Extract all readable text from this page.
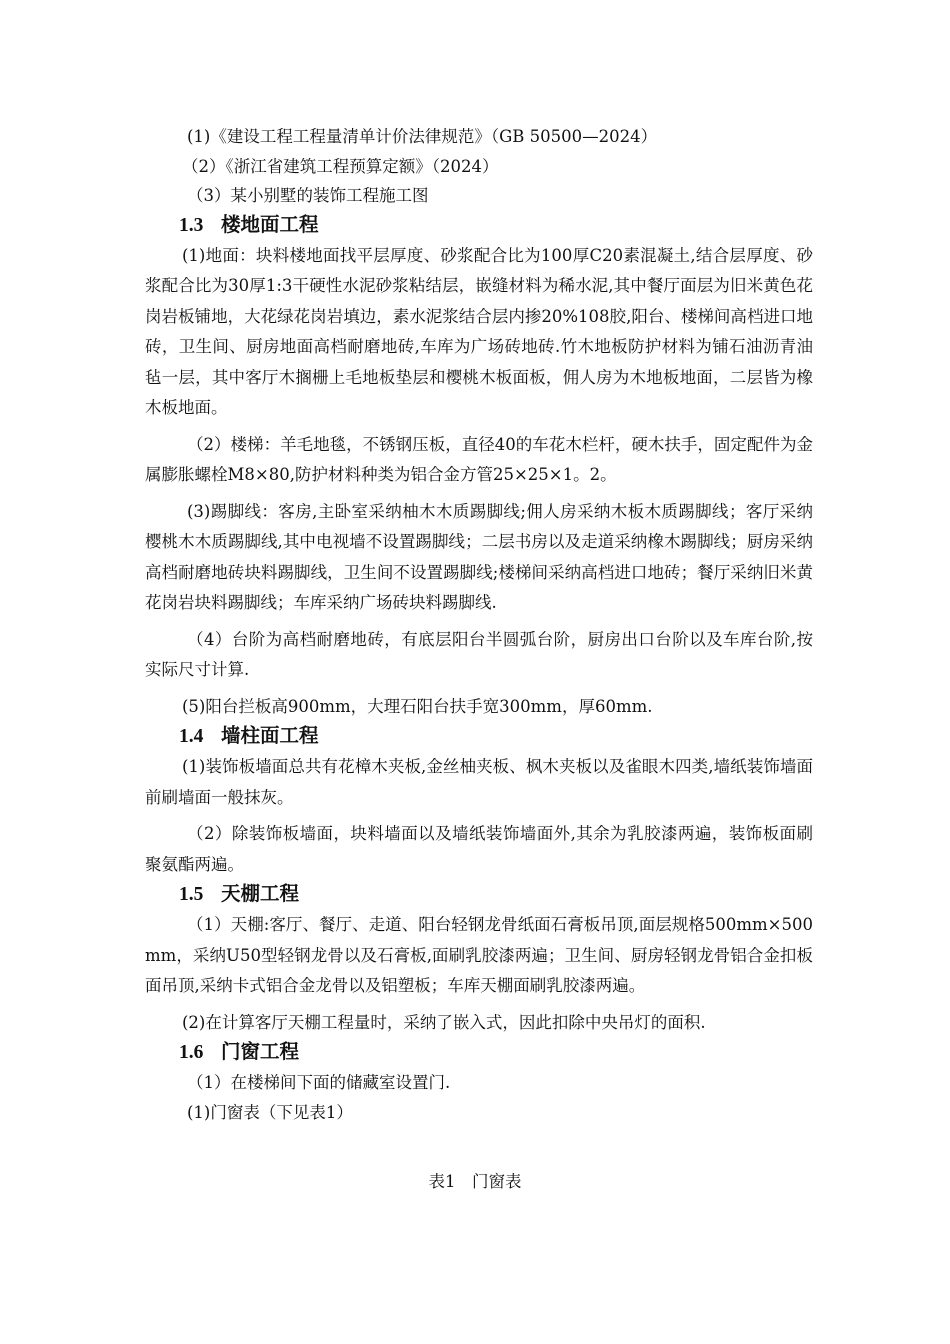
(1)《建设工程工程量清单计价法律规范》（GB 50500—2024）
（2）《浙江省建筑工程预算定额》（2024）
（3）某小别墅的装饰工程施工图
1.3 楼地面工程

(1)地面：块料楼地面找平层厚度、砂浆配合比为100厚C20素混凝土,结合层厚度、砂浆配合比为30厚1:3干硬性水泥砂浆粘结层，嵌缝材料为稀水泥,其中餐厅面层为旧米黄色花岗岩板铺地，大花绿花岗岩填边，素水泥浆结合层内掺20%108胶,阳台、楼梯间高档进口地砖，卫生间、厨房地面高档耐磨地砖,车库为广场砖地砖.竹木地板防护材料为铺石油沥青油毡一层，其中客厅木搁栅上毛地板垫层和樱桃木板面板，佣人房为木地板地面，二层皆为橡木板地面。

（2）楼梯：羊毛地毯，不锈钢压板，直径40的车花木栏杆，硬木扶手，固定配件为金属膨胀螺栓M8×80,防护材料种类为铝合金方管25×25×1。2。

(3)踢脚线：客房,主卧室采纳柚木木质踢脚线;佣人房采纳木板木质踢脚线；客厅采纳樱桃木木质踢脚线,其中电视墙不设置踢脚线；二层书房以及走道采纳橡木踢脚线；厨房采纳高档耐磨地砖块料踢脚线，卫生间不设置踢脚线;楼梯间采纳高档进口地砖；餐厅采纳旧米黄花岗岩块料踢脚线；车库采纳广场砖块料踢脚线.

（4）台阶为高档耐磨地砖，有底层阳台半圆弧台阶，厨房出口台阶以及车库台阶,按实际尺寸计算.

(5)阳台拦板高900mm，大理石阳台扶手宽300mm，厚60mm.

1.4 墙柱面工程

(1)装饰板墙面总共有花樟木夹板,金丝柚夹板、枫木夹板以及雀眼木四类,墙纸装饰墙面前刷墙面一般抹灰。

（2）除装饰板墙面，块料墙面以及墙纸装饰墙面外,其余为乳胶漆两遍，装饰板面刷聚氨酯两遍。

1.5 天棚工程

（1）天棚:客厅、餐厅、走道、阳台轻钢龙骨纸面石膏板吊顶,面层规格500mm×500mm，采纳U50型轻钢龙骨以及石膏板,面刷乳胶漆两遍；卫生间、厨房轻钢龙骨铝合金扣板面吊顶,采纳卡式铝合金龙骨以及铝塑板；车库天棚面刷乳胶漆两遍。

(2)在计算客厅天棚工程量时，采纳了嵌入式，因此扣除中央吊灯的面积.

1.6 门窗工程
（1）在楼梯间下面的储藏室设置门.
(1)门窗表（下见表1）
表1　门窗表
